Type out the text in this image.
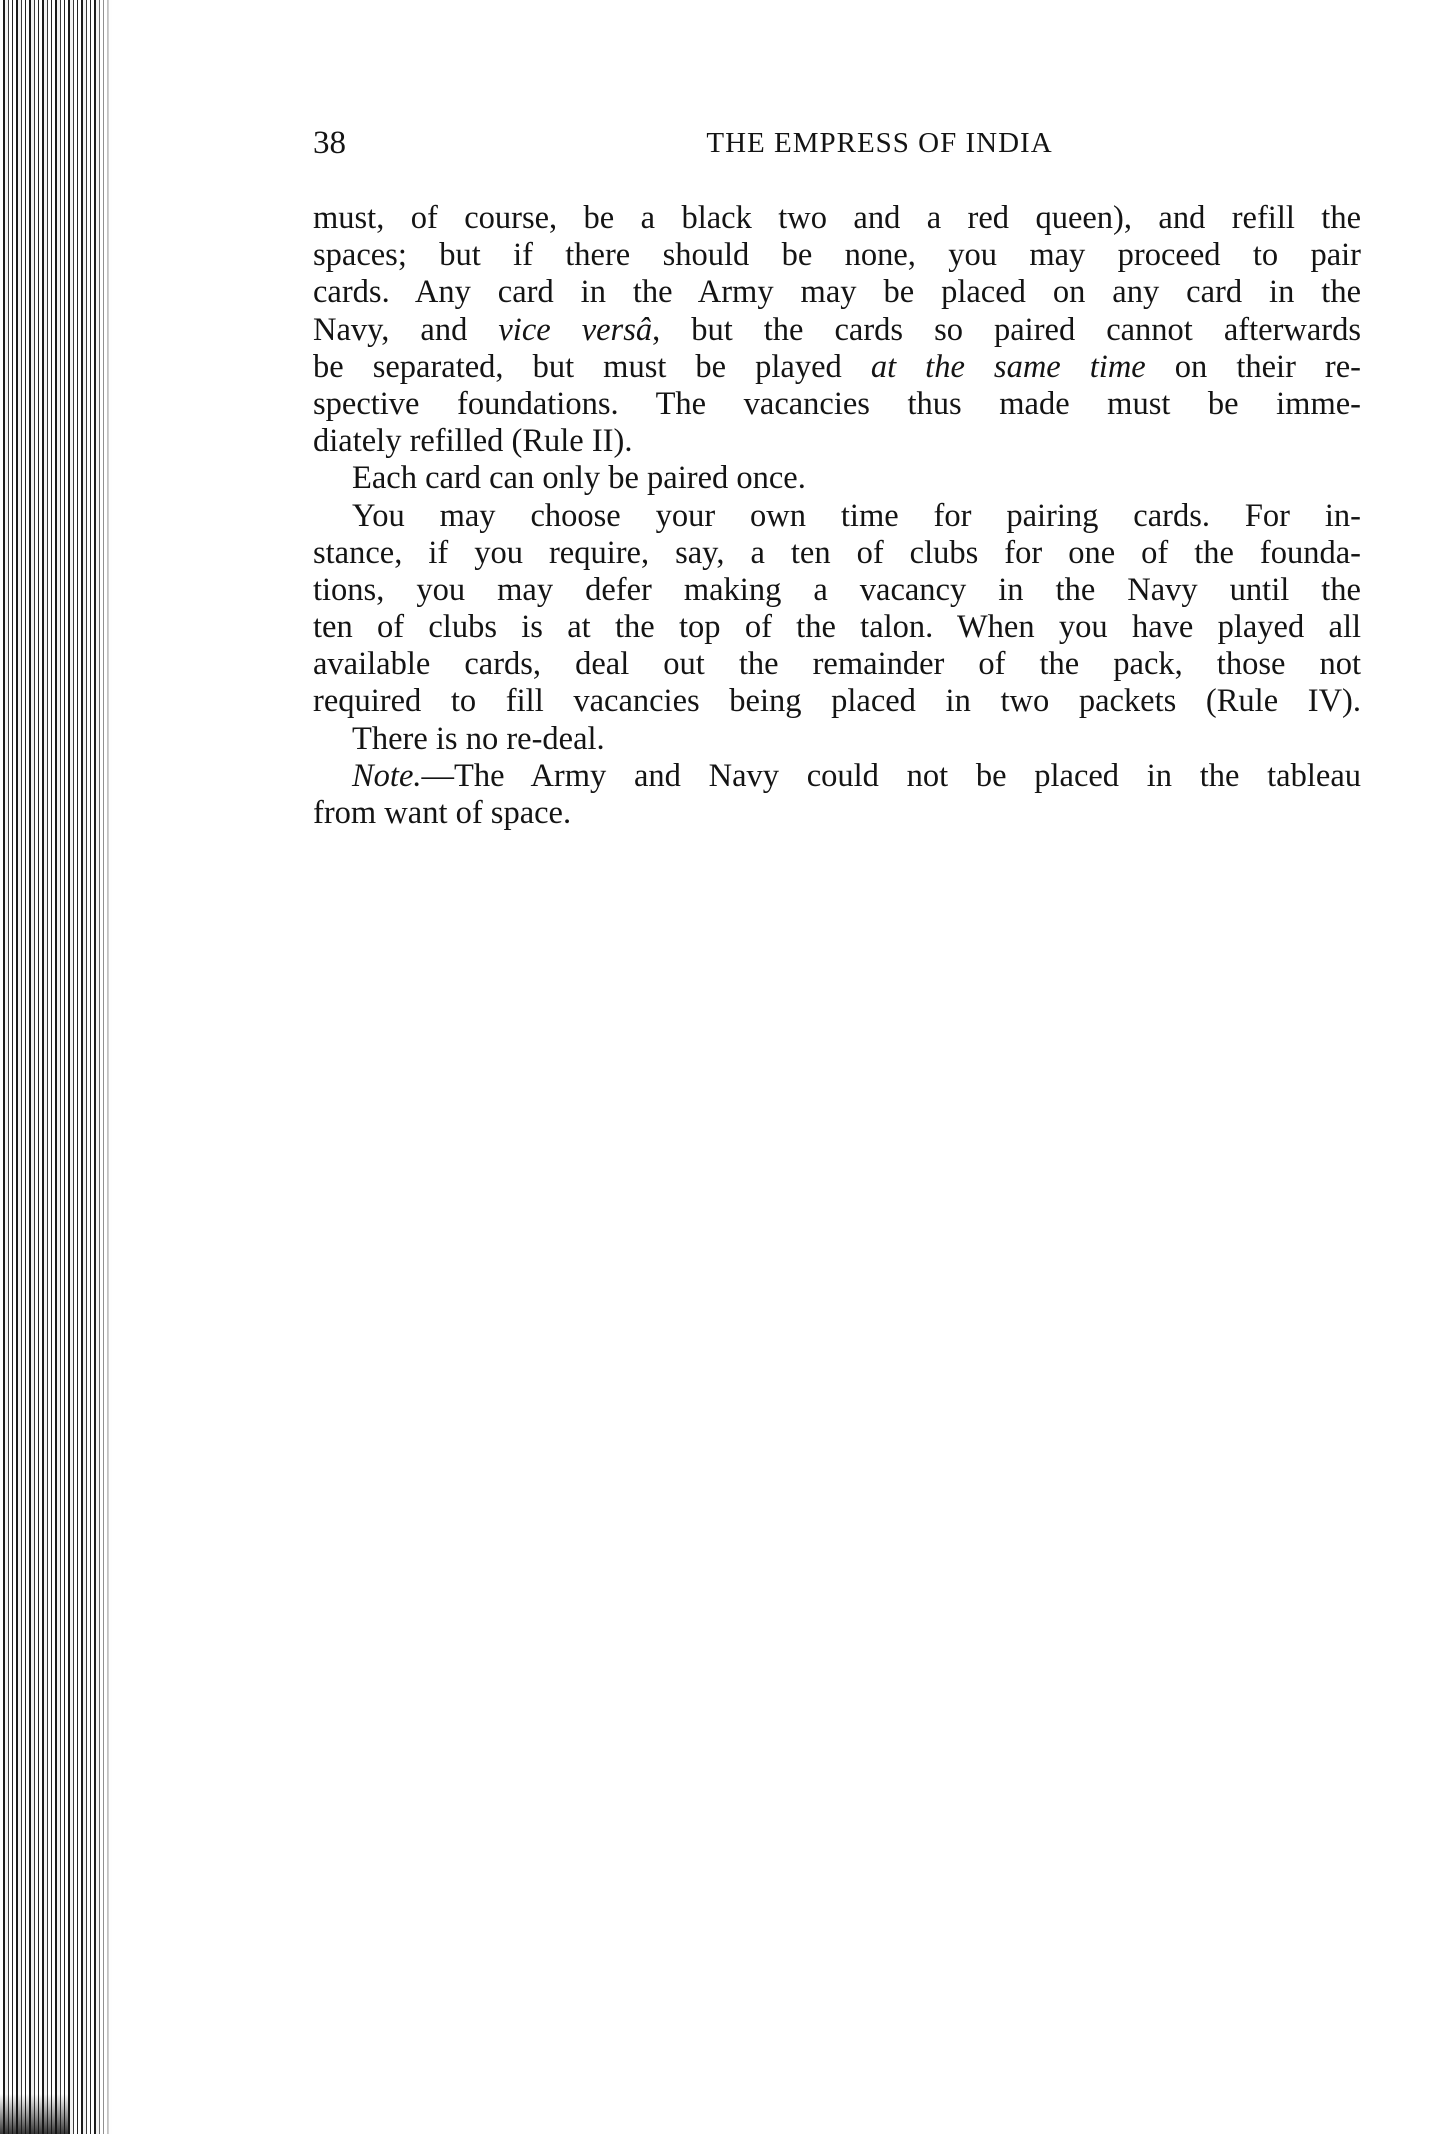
38	THE EMPRESS OF INDIA
must, of course, be a black two and a red queen), and refill the
spaces; but if there should be none, you may proceed to pair
cards. Any card in the Army may be placed on any card in the
Navy, and vice versâ, but the cards so paired cannot afterwards
be separated, but must be played at the same time on their re-
spective foundations. The vacancies thus made must be imme-
diately refilled (Rule II).
Each card can only be paired once.
You may choose your own time for pairing cards. For in-
stance, if you require, say, a ten of clubs for one of the founda-
tions, you may defer making a vacancy in the Navy until the
ten of clubs is at the top of the talon. When you have played all
available cards, deal out the remainder of the pack, those not
required to fill vacancies being placed in two packets (Rule IV).
There is no re-deal.
Note.—The Army and Navy could not be placed in the tableau
from want of space.
